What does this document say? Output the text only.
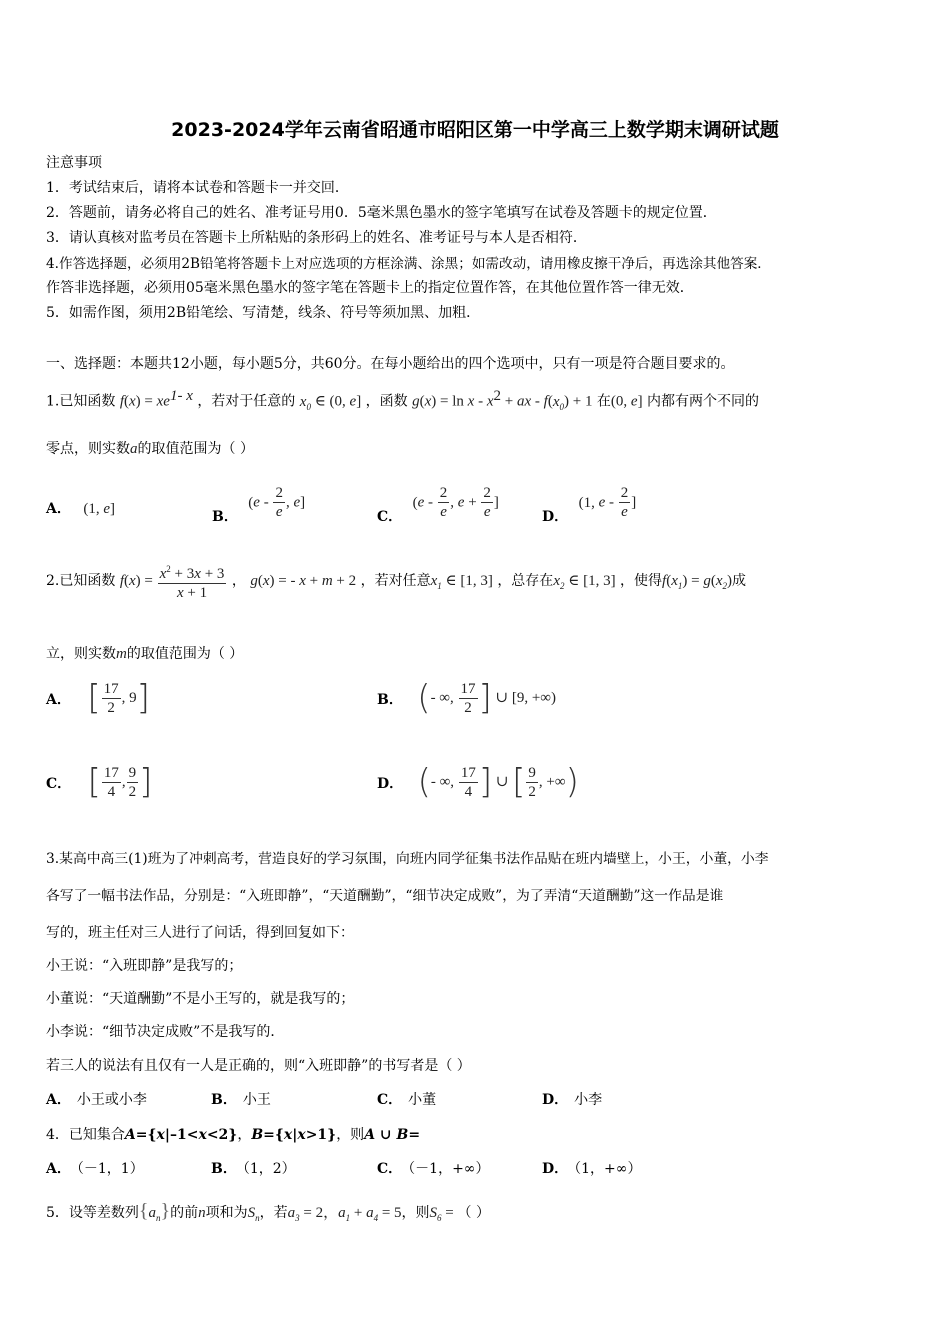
2023-2024学年云南省昭通市昭阳区第一中学高三上数学期末调研试题
注意事项
1．考试结束后，请将本试卷和答题卡一并交回．
2．答题前，请务必将自己的姓名、准考证号用0．5毫米黑色墨水的签字笔填写在试卷及答题卡的规定位置．
3．请认真核对监考员在答题卡上所粘贴的条形码上的姓名、准考证号与本人是否相符．
4.作答选择题，必须用2B铅笔将答题卡上对应选项的方框涂满、涂黑；如需改动，请用橡皮擦干净后，再选涂其他答案．
作答非选择题，必须用05毫米黑色墨水的签字笔在答题卡上的指定位置作答，在其他位置作答一律无效．
5．如需作图，须用2B铅笔绘、写清楚，线条、符号等须加黑、加粗．
一、选择题：本题共12小题，每小题5分，共60分。在每小题给出的四个选项中，只有一项是符合题目要求的。
1.已知函数 $f(x) = xe^{1- x}$ ，若对于任意的 $x_0$ ∈ (0, e] ，函数 $g(x) = \ln x - x^2$ + ax - $f(x_0) + 1$ 在(0, e] 内都有两个不同的
零点，则实数a的取值范围为（ ）
A． (1, e]	B． ($e - \frac{2}{e}$ , e]
C． ($e - \frac{2}{e}$ , $e + \frac{2}{e}$ ]
D． (1, e - $\frac{2}{e}$ ]
2.已知函数 $f(x) = \frac{x^2 + 3x + 3}{x + 1}$ ， g(x) = - x + m + 2 ，若对任意$x_1$ ∈ [1, 3] ，总存在$x_2$ ∈ [1, 3] ，使得$f(x_1) = g(x_2)$成
立，则实数m的取值范围为（ ）
A． [ $\frac{17}{2}$ , 9]	B． (- ∞, $\frac{17}{2}$ ] ∪ [9, +∞)
C． [ $\frac{17}{4}$ , $\frac{9}{2}$ ]	D． (- ∞, $\frac{17}{4}$ ] ∪ [ $\frac{9}{2}$ , +∞)
3.某高中高三(1)班为了冲刺高考，营造良好的学习氛围，向班内同学征集书法作品贴在班内墙壁上，小王，小董，小李
各写了一幅书法作品，分别是：“入班即静”，“天道酬勤”，“细节决定成败”，为了弄清“天道酬勤”这一作品是谁
写的，班主任对三人进行了问话，得到回复如下：
小王说：“入班即静”是我写的；
小董说：“天道酬勤”不是小王写的，就是我写的；
小李说：“细节决定成败”不是我写的．
若三人的说法有且仅有一人是正确的，则“入班即静”的书写者是（ ）
A． 小王或小李	B． 小王	C． 小董	D． 小李
4．已知集合A={x|–1<x<2}，B={x|x>1}，则A ∪ B=
A． （－1，1）	B． （1，2）	C． （－1，+∞）	D． （1，+∞）
5．设等差数列$\{a_n\}$的前n项和为$S_n$，若$a_3 = 2$，$a_1 + a_4 = 5$，则$S_6$ = （ ）
